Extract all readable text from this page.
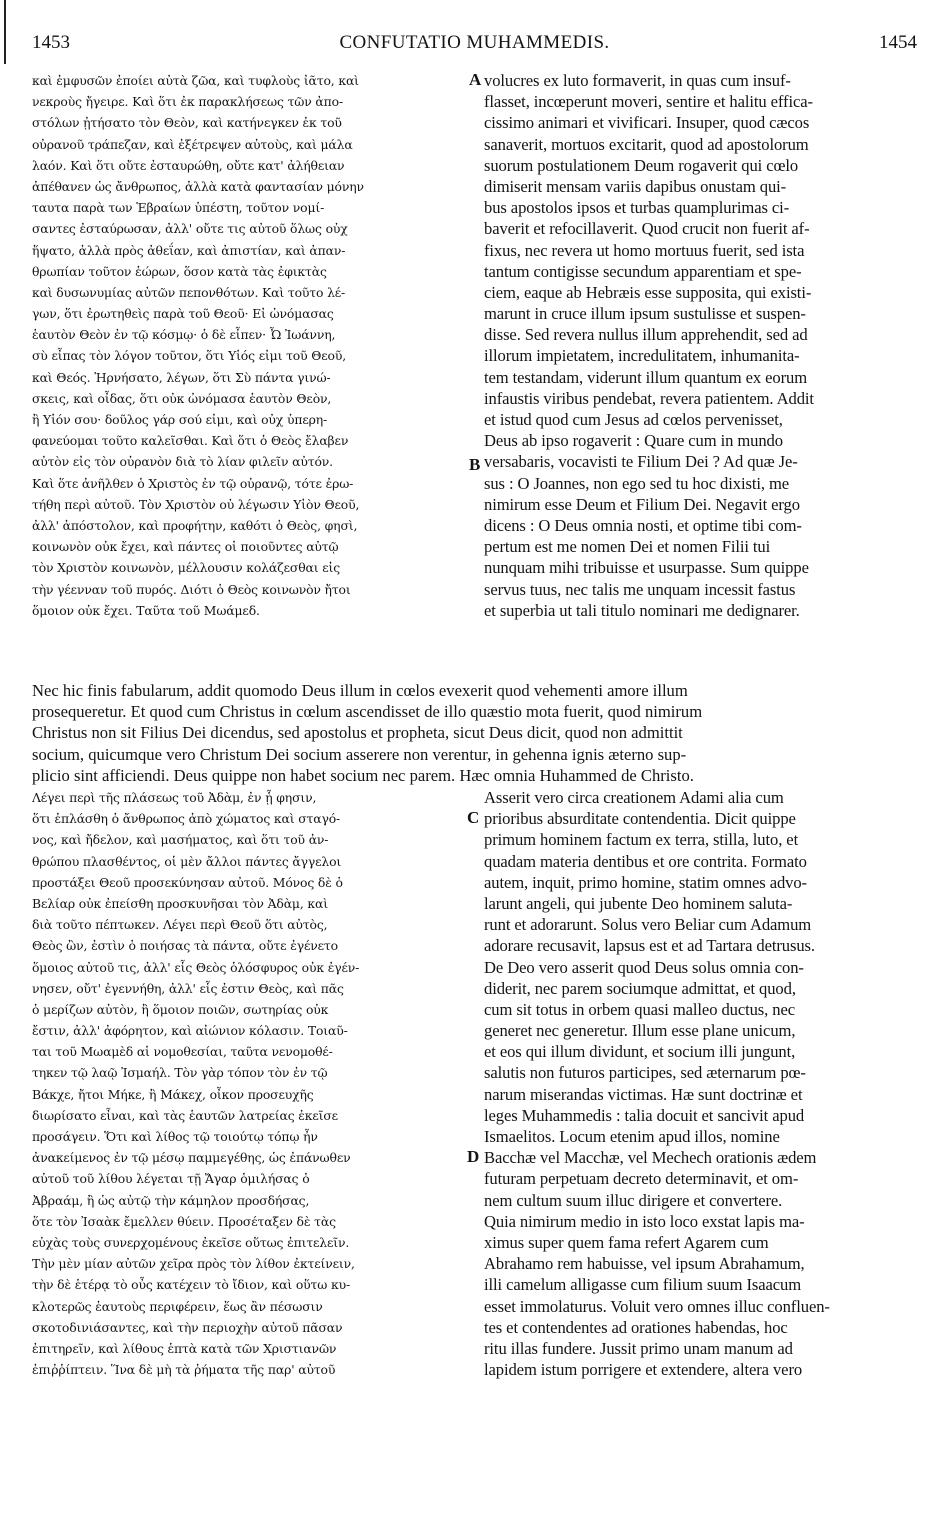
1453	CONFUTATIO MUHAMMEDIS.	1454
καὶ ἐμφυσῶν ἐποίει αὐτὰ ζῶα, καὶ τυφλοὺς ἰᾶτο, καὶ
νεκροὺς ἤγειρε. Καὶ ὅτι ἐκ παρακλήσεως τῶν ἀπο-
στόλων ᾐτήσατο τὸν Θεὸν, καὶ κατήνεγκεν ἐκ τοῦ
οὐρανοῦ τράπεζαν, καὶ ἐξέτρεψεν αὐτοὺς, καὶ μάλα
λαόν. Καὶ ὅτι οὔτε ἐσταυρώθη, οὔτε κατ' ἀλήθειαν
ἀπέθανεν ὡς ἄνθρωπος, ἀλλὰ κατὰ φαντασίαν μόνην
ταυτα παρὰ των Ἑβραίων ὑπέστη, τοῦτον νομί-
σαντες ἐσταύρωσαν, ἀλλ' οὔτε τις αὐτοῦ ὅλως οὐχ
ἥψατο, ἀλλὰ πρὸς ἀθεΐαν, καὶ ἀπιστίαν, καὶ ἀπαν-
θρωπίαν τοῦτον ἑώρων, ὅσον κατὰ τὰς ἐφικτὰς
καὶ δυσωνυμίας αὐτῶν πεπονθότων. Καὶ τοῦτο λέ-
γων, ὅτι ἐρωτηθεὶς παρὰ τοῦ Θεοῦ· Εἰ ὠνόμασας
ἑαυτὸν Θεὸν ἐν τῷ κόσμῳ· ὁ δὲ εἶπεν· Ὦ Ἰωάννη,
σὺ εἶπας τὸν λόγον τοῦτον, ὅτι Υἱός εἰμι τοῦ Θεοῦ,
καὶ Θεός. Ἠρνήσατο, λέγων, ὅτι Σὺ πάντα γινώ-
σκεις, καὶ οἶδας, ὅτι οὐκ ὠνόμασα ἑαυτὸν Θεὸν,
ἢ Υἱόν σου· δοῦλος γάρ σού εἰμι, καὶ οὐχ ὑπερη-
φανεύομαι τοῦτο καλεῖσθαι. Καὶ ὅτι ὁ Θεὸς ἔλαβεν
αὐτὸν εἰς τὸν οὐρανὸν διὰ τὸ λίαν φιλεῖν αὐτόν.
Καὶ ὅτε ἀνῆλθεν ὁ Χριστὸς ἐν τῷ οὐρανῷ, τότε ἐρω-
τήθη περὶ αὐτοῦ. Τὸν Χριστὸν οὐ λέγωσιν Υἱὸν Θεοῦ,
ἀλλ' ἀπόστολον, καὶ προφήτην, καθότι ὁ Θεὸς, φησὶ,
κοινωνὸν οὐκ ἔχει, καὶ πάντες οἱ ποιοῦντες αὐτῷ
τὸν Χριστὸν κοινωνὸν, μέλλουσιν κολάζεσθαι εἰς
τὴν γέενναν τοῦ πυρός. Διότι ὁ Θεὸς κοινωνὸν ἤτοι
ὅμοιον οὐκ ἔχει. Ταῦτα τοῦ Μωάμεδ.
volucres ex luto formaverit, in quas cum insuf-
flasset, incœperunt moveri, sentire et halitu effica-
cissimo animari et vivificari. Insuper, quod cæcos
sanaverit, mortuos excitarit, quod ad apostolorum
suorum postulationem Deum rogaverit qui cœlo
dimiserit mensam variis dapibus onustam qui-
bus apostolos ipsos et turbas quamplurimas ci-
baverit et refocillaverit. Quod crucit non fuerit af-
fixus, nec revera ut homo mortuus fuerit, sed ista
tantum contigisse secundum apparentiam et spe-
ciem, eaque ab Hebræis esse supposita, qui existi-
marunt in cruce illum ipsum sustulisse et suspen-
disse. Sed revera nullus illum apprehendit, sed ad
illorum impietatem, incredulitatem, inhumanita-
tem testandam, viderunt illum quantum ex eorum
infaustis viribus pendebat, revera patientem. Addit
et istud quod cum Jesus ad cœlos pervenisset,
Deus ab ipso rogaverit : Quare cum in mundo
versabaris, vocavisti te Filium Dei ? Ad quæ Je-
sus : O Joannes, non ego sed tu hoc dixisti, me
nimirum esse Deum et Filium Dei. Negavit ergo
dicens : O Deus omnia nosti, et optime tibi com-
pertum est me nomen Dei et nomen Filii tui
nunquam mihi tribuisse et usurpasse. Sum quippe
servus tuus, nec talis me unquam incessit fastus
et superbia ut tali titulo nominari me dedignarer.
A
B
Nec hic finis fabularum, addit quomodo Deus illum in cœlos evexerit quod vehementi amore illum
prosequeretur. Et quod cum Christus in cœlum ascendisset de illo quæstio mota fuerit, quod nimirum
Christus non sit Filius Dei dicendus, sed apostolus et propheta, sicut Deus dicit, quod non admittit
socium, quicumque vero Christum Dei socium asserere non verentur, in gehenna ignis æterno sup-
plicio sint afficiendi. Deus quippe non habet socium nec parem. Hæc omnia Huhammed de Christo.
Λέγει περὶ τῆς πλάσεως τοῦ Ἀδὰμ, ἐν ᾗ φησιν,
ὅτι ἐπλάσθη ὁ ἄνθρωπος ἀπὸ χώματος καὶ σταγό-
νος, καὶ ἤδελον, καὶ μασήματος, καὶ ὅτι τοῦ ἀν-
θρώπου πλασθέντος, οἱ μὲν ἄλλοι πάντες ἄγγελοι
προστάξει Θεοῦ προσεκύνησαν αὐτοῦ. Μόνος δὲ ὁ
Βελίαρ οὐκ ἐπείσθη προσκυνῆσαι τὸν Ἀδὰμ, καὶ
διὰ τοῦτο πέπτωκεν. Λέγει περὶ Θεοῦ ὅτι αὐτὸς,
Θεὸς ὢν, ἐστὶν ὁ ποιήσας τὰ πάντα, οὔτε ἐγένετο
ὅμοιος αὐτοῦ τις, ἀλλ' εἷς Θεὸς ὁλόσφυρος οὐκ ἐγέν-
νησεν, οὔτ' ἐγεννήθη, ἀλλ' εἷς ἐστιν Θεὸς, καὶ πᾶς
ὁ μερίζων αὐτὸν, ἢ ὅμοιον ποιῶν, σωτηρίας οὐκ
ἔστιν, ἀλλ' ἀφόρητον, καὶ αἰώνιον κόλασιν. Τοιαῦ-
ται τοῦ Μωαμὲδ αἱ νομοθεσίαι, ταῦτα νενομοθέ-
τηκεν τῷ λαῷ Ἰσμαήλ. Τὸν γὰρ τόπον τὸν ἐν τῷ
Βάκχε, ἤτοι Μήκε, ἢ Μάκεχ, οἶκον προσευχῆς
διωρίσατο εἶναι, καὶ τὰς ἑαυτῶν λατρείας ἐκεῖσε
προσάγειν. Ὅτι καὶ λίθος τῷ τοιούτῳ τόπῳ ἦν
ἀνακείμενος ἐν τῷ μέσῳ παμμεγέθης, ὡς ἐπάνωθεν
αὐτοῦ τοῦ λίθου λέγεται τῇ Ἄγαρ ὁμιλήσας ὁ
Ἀβραάμ, ἢ ὡς αὐτῷ τὴν κάμηλον προσδήσας,
ὅτε τὸν Ἰσαὰκ ἔμελλεν θύειν. Προσέταξεν δὲ τὰς
εὐχὰς τοὺς συνερχομένους ἐκεῖσε οὕτως ἐπιτελεῖν.
Τὴν μὲν μίαν αὐτῶν χεῖρα πρὸς τὸν λίθον ἐκτείνειν,
τὴν δὲ ἑτέρᾳ τὸ οὖς κατέχειν τὸ ἴδιον, καὶ οὕτω κυ-
κλοτερῶς ἑαυτοὺς περιφέρειν, ἕως ἂν πέσωσιν
σκοτοδινιάσαντες, καὶ τὴν περιοχὴν αὐτοῦ πᾶσαν
ἐπιτηρεῖν, καὶ λίθους ἑπτὰ κατὰ τῶν Χριστιανῶν
ἐπιῤῥίπτειν. Ἵνα δὲ μὴ τὰ ῥήματα τῆς παρ' αὐτοῦ
Asserit vero circa creationem Adami alia cum
prioribus absurditate contendentia. Dicit quippe
primum hominem factum ex terra, stilla, luto, et
quadam materia dentibus et ore contrita. Formato
autem, inquit, primo homine, statim omnes advo-
larunt angeli, qui jubente Deo hominem saluta-
runt et adorarunt. Solus vero Beliar cum Adamum
adorare recusavit, lapsus est et ad Tartara detrusus.
De Deo vero asserit quod Deus solus omnia con-
diderit, nec parem sociumque admittat, et quod,
cum sit totus in orbem quasi malleo ductus, nec
generet nec generetur. Illum esse plane unicum,
et eos qui illum dividunt, et socium illi jungunt,
salutis non futuros participes, sed æternarum pœ-
narum miserandas victimas. Hæ sunt doctrinæ et
leges Muhammedis : talia docuit et sancivit apud
Ismaelitos. Locum etenim apud illos, nomine
Bacchæ vel Macchæ, vel Mechech orationis ædem
futuram perpetuam decreto determinavit, et om-
nem cultum suum illuc dirigere et convertere.
Quia nimirum medio in isto loco exstat lapis ma-
ximus super quem fama refert Agarem cum
Abrahamo rem habuisse, vel ipsum Abrahamum,
illi camelum alligasse cum filium suum Isaacum
esset immolaturus. Voluit vero omnes illuc confluen-
tes et contendentes ad orationes habendas, hoc
ritu illas fundere. Jussit primo unam manum ad
lapidem istum porrigere et extendere, altera vero
C
D
